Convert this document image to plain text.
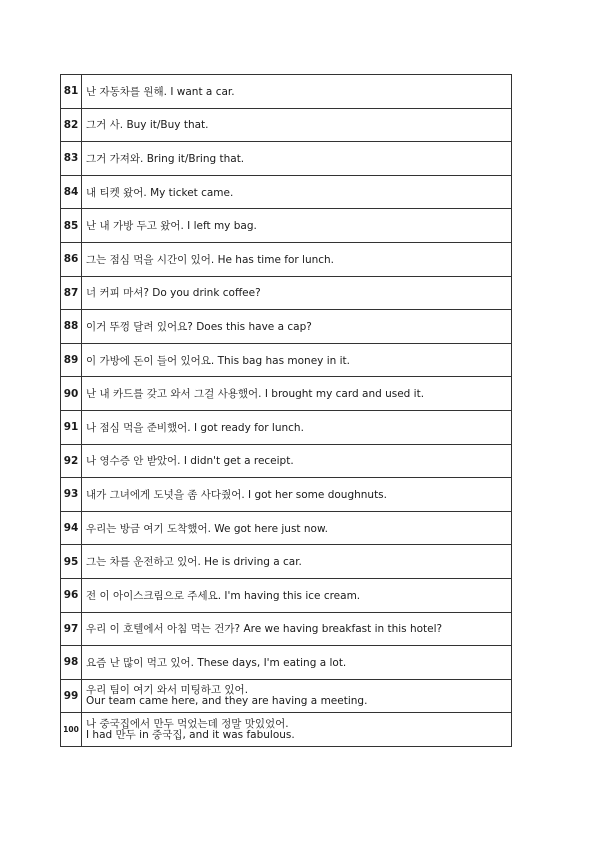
81	난 자동차를 원해. I want a car.
82	그거 사. Buy it/Buy that.
83	그거 가져와. Bring it/Bring that.
84	내 티켓 왔어. My ticket came.
85	난 내 가방 두고 왔어. I left my bag.
86	그는 점심 먹을 시간이 있어. He has time for lunch.
87	너 커피 마셔? Do you drink coffee?
88	이거 뚜껑 달려 있어요? Does this have a cap?
89	이 가방에 돈이 들어 있어요. This bag has money in it.
90	난 내 카드를 갖고 와서 그걸 사용했어. I brought my card and used it.
91	나 점심 먹을 준비했어. I got ready for lunch.
92	나 영수증 안 받았어. I didn't get a receipt.
93	내가 그녀에게 도넛을 좀 사다줬어. I got her some doughnuts.
94	우리는 방금 여기 도착했어. We got here just now.
95	그는 차를 운전하고 있어. He is driving a car.
96	전 이 아이스크림으로 주세요. I'm having this ice cream.
97	우리 이 호텔에서 아침 먹는 건가? Are we having breakfast in this hotel?
98	요즘 난 많이 먹고 있어. These days, I'm eating a lot.
99	우리 팀이 여기 와서 미팅하고 있어.
Our team came here, and they are having a meeting.

100	나 중국집에서 만두 먹었는데 정말 맛있었어.
I had 만두 in 중국집, and it was fabulous.
